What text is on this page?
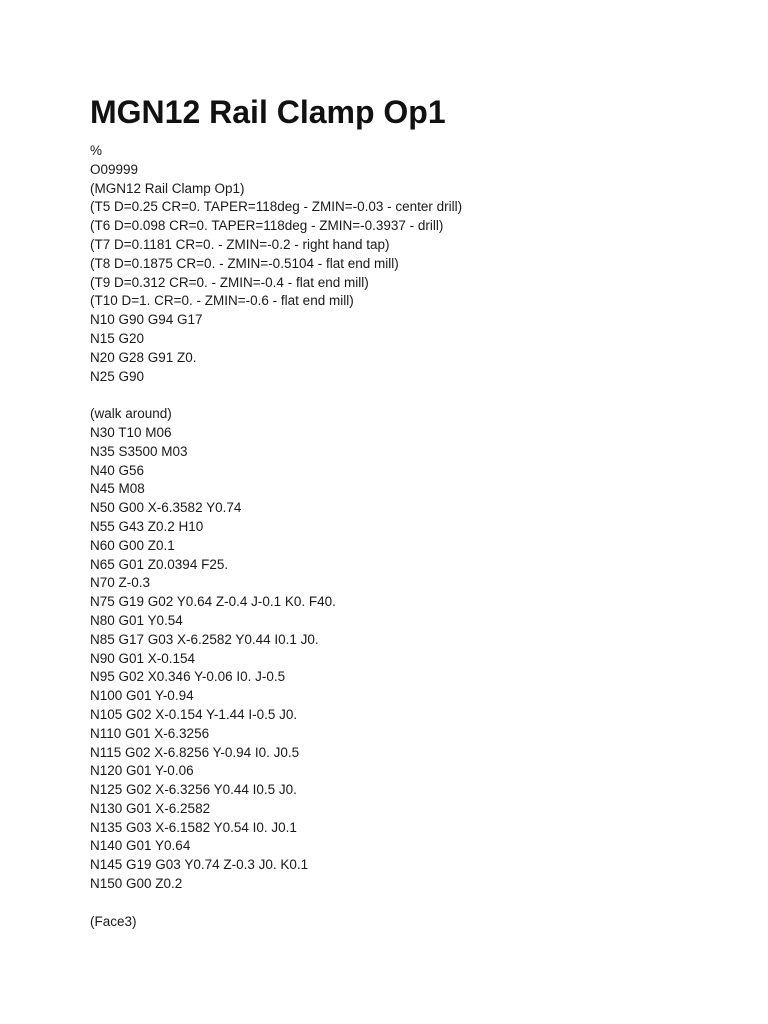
MGN12 Rail Clamp Op1
%
O09999
(MGN12 Rail Clamp Op1)
(T5 D=0.25 CR=0. TAPER=118deg - ZMIN=-0.03 - center drill)
(T6 D=0.098 CR=0. TAPER=118deg - ZMIN=-0.3937 - drill)
(T7 D=0.1181 CR=0. - ZMIN=-0.2 - right hand tap)
(T8 D=0.1875 CR=0. - ZMIN=-0.5104 - flat end mill)
(T9 D=0.312 CR=0. - ZMIN=-0.4 - flat end mill)
(T10 D=1. CR=0. - ZMIN=-0.6 - flat end mill)
N10 G90 G94 G17
N15 G20
N20 G28 G91 Z0.
N25 G90
(walk around)
N30 T10 M06
N35 S3500 M03
N40 G56
N45 M08
N50 G00 X-6.3582 Y0.74
N55 G43 Z0.2 H10
N60 G00 Z0.1
N65 G01 Z0.0394 F25.
N70 Z-0.3
N75 G19 G02 Y0.64 Z-0.4 J-0.1 K0. F40.
N80 G01 Y0.54
N85 G17 G03 X-6.2582 Y0.44 I0.1 J0.
N90 G01 X-0.154
N95 G02 X0.346 Y-0.06 I0. J-0.5
N100 G01 Y-0.94
N105 G02 X-0.154 Y-1.44 I-0.5 J0.
N110 G01 X-6.3256
N115 G02 X-6.8256 Y-0.94 I0. J0.5
N120 G01 Y-0.06
N125 G02 X-6.3256 Y0.44 I0.5 J0.
N130 G01 X-6.2582
N135 G03 X-6.1582 Y0.54 I0. J0.1
N140 G01 Y0.64
N145 G19 G03 Y0.74 Z-0.3 J0. K0.1
N150 G00 Z0.2
(Face3)
